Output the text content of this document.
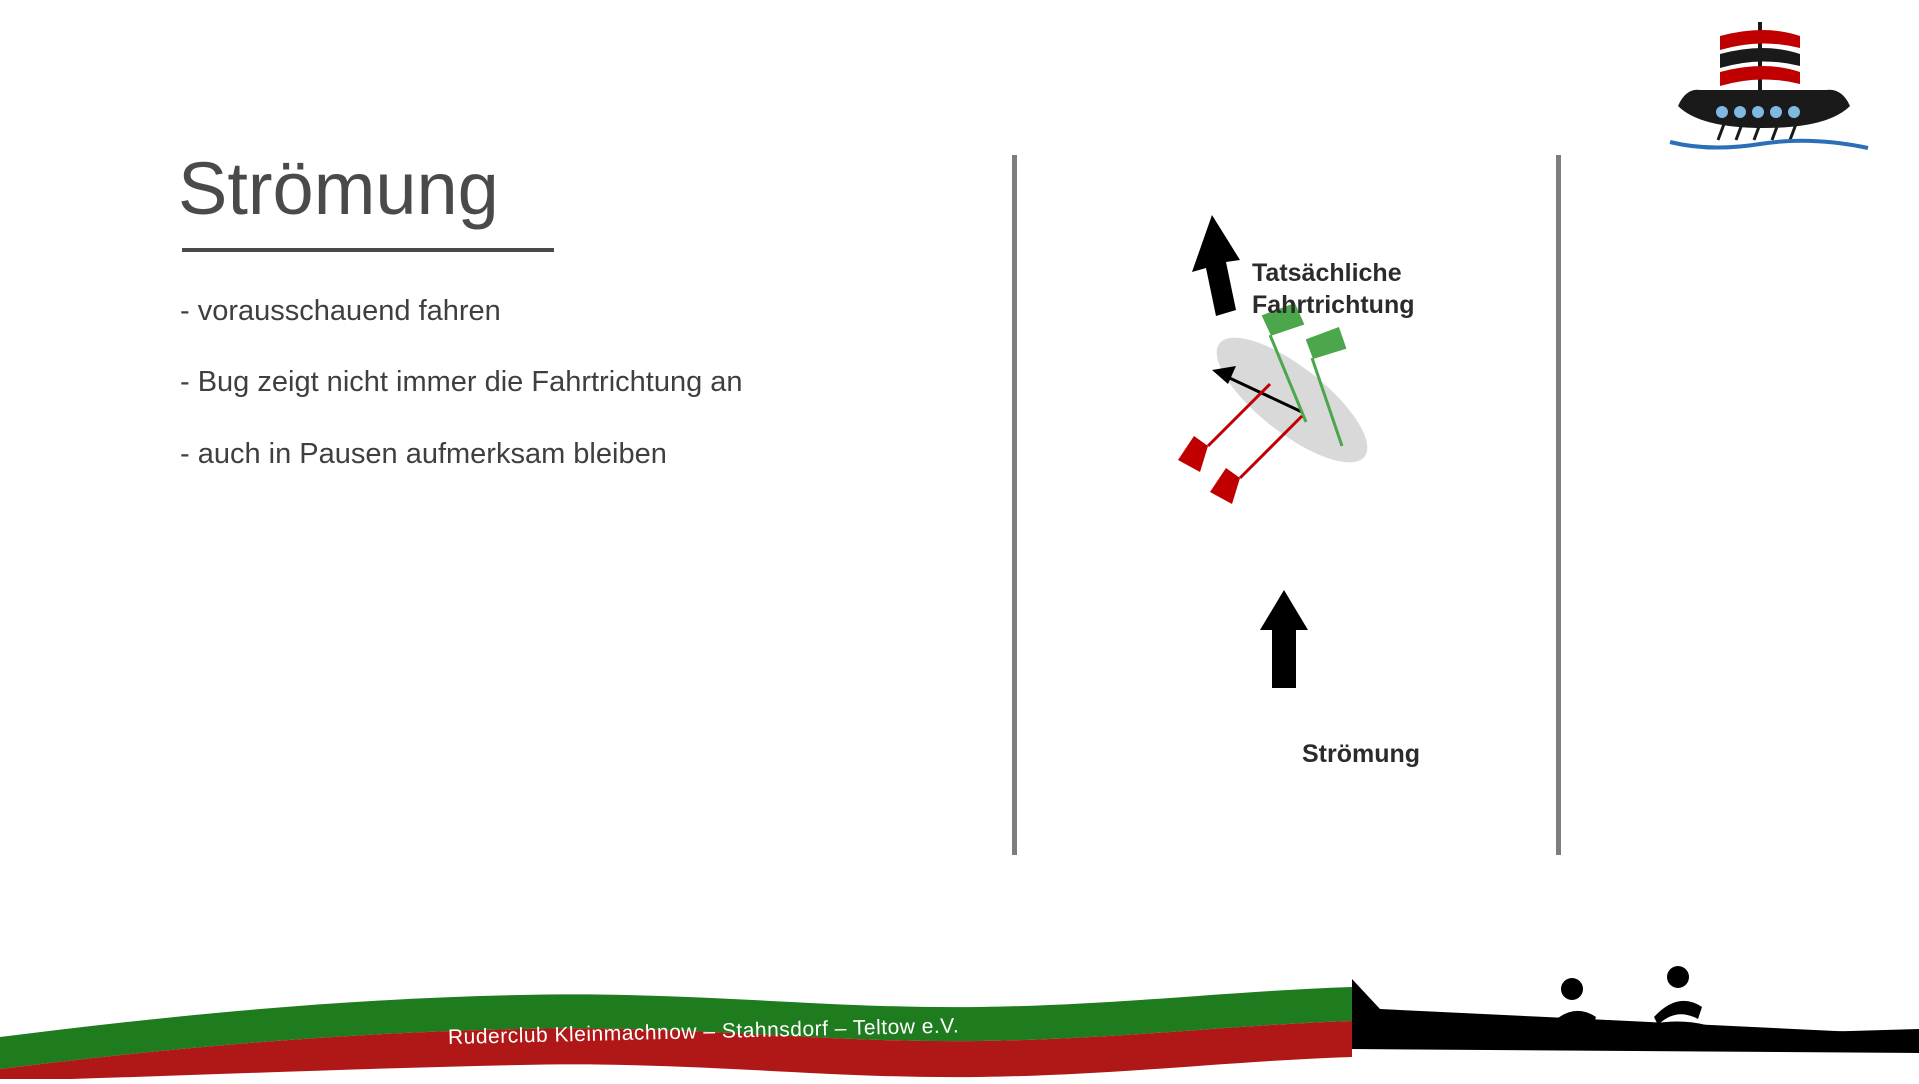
Strömung
- vorausschauend fahren
- Bug zeigt nicht immer die Fahrtrichtung an
- auch in Pausen aufmerksam bleiben
Tatsächliche
Fahrtrichtung
Strömung
Ruderclub Kleinmachnow – Stahnsdorf – Teltow e.V.
